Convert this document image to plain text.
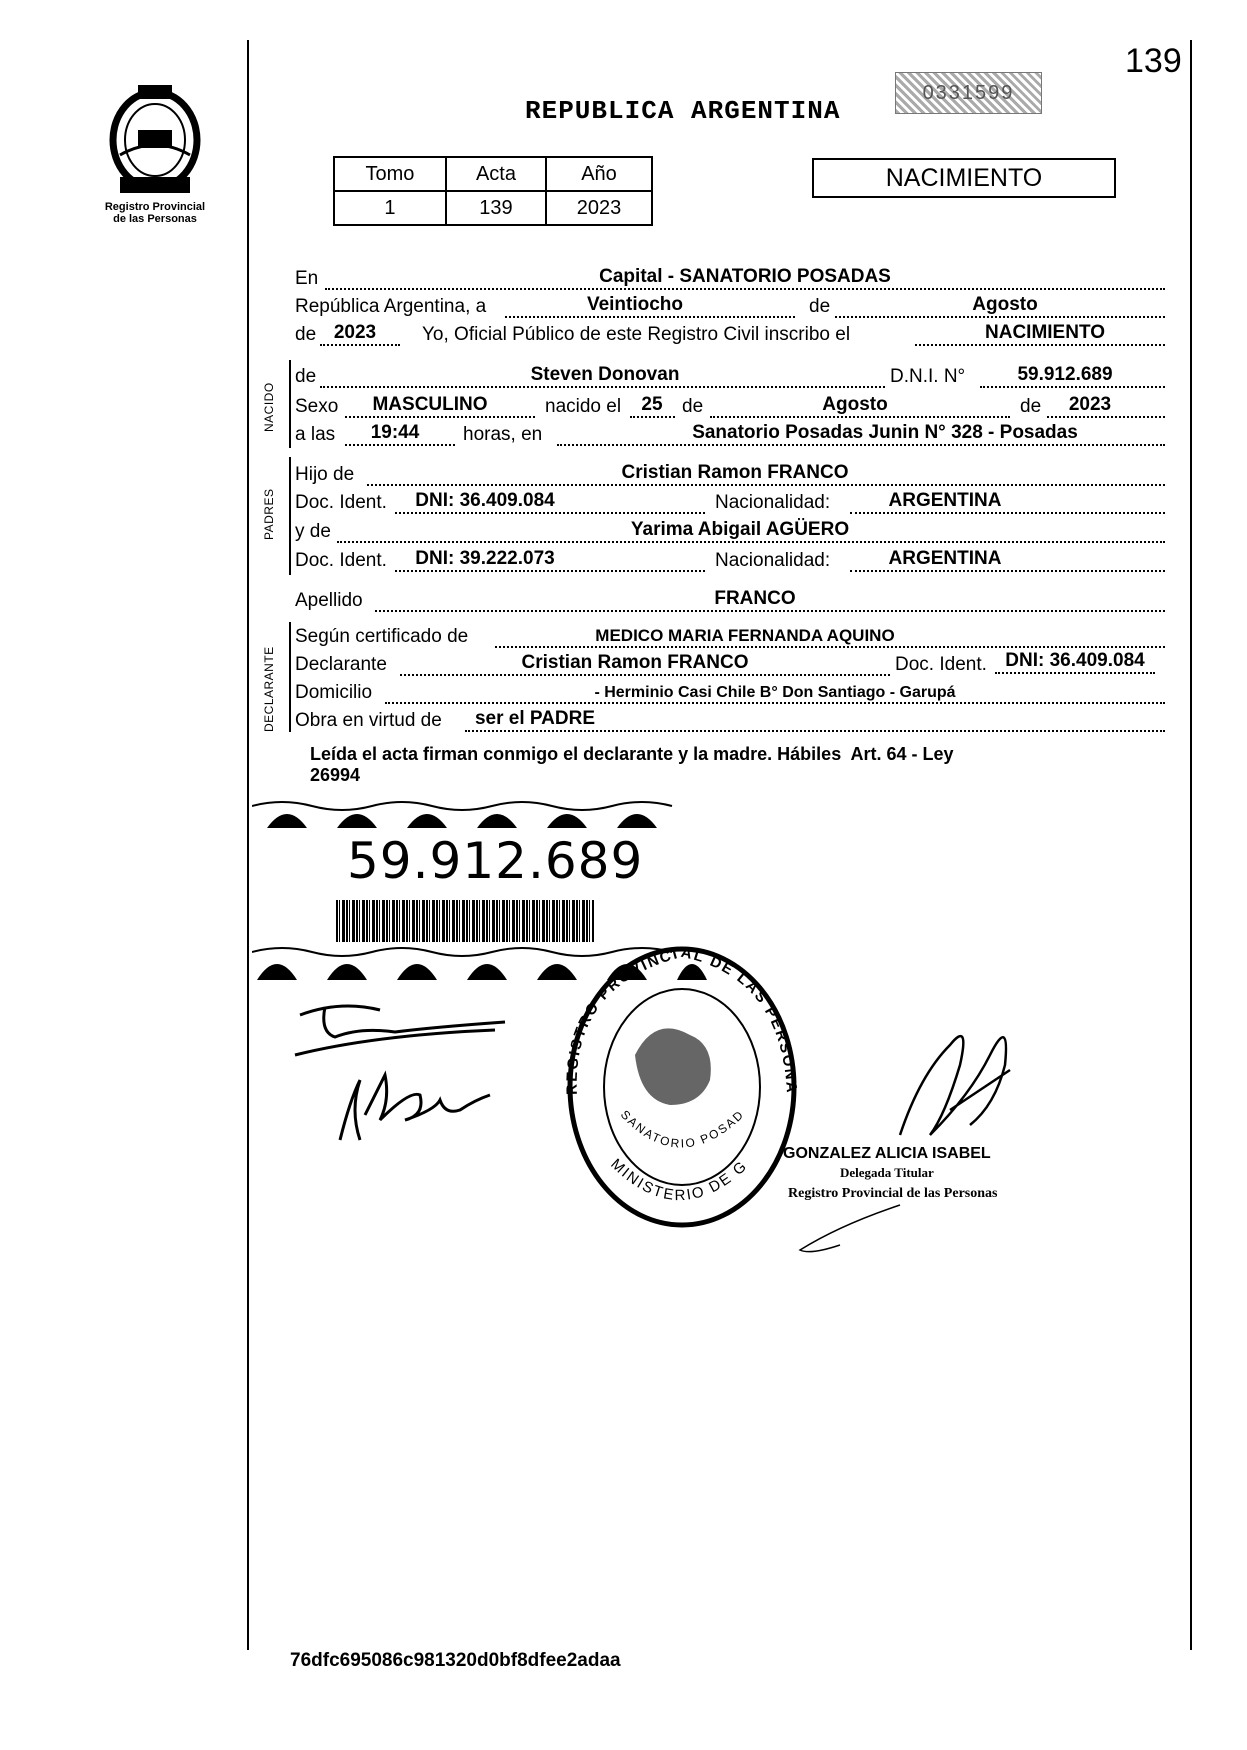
139
Registro Provincial
de las Personas
REPUBLICA ARGENTINA
0331599
Tomo	Acta	Año
1	139	2023
NACIMIENTO
En	Capital - SANATORIO POSADAS
República Argentina, a	Veintiocho	de	Agosto
de 2023	Yo, Oficial Público de este Registro Civil inscribo el	NACIMIENTO
NACIDO
de	Steven Donovan	D.N.I. N°	59.912.689
Sexo	MASCULINO	nacido el 25 de	Agosto	de	2023
a las 19:44	horas, en	Sanatorio Posadas Junin N° 328 - Posadas
PADRES
Hijo de	Cristian Ramon FRANCO
Doc. Ident.	DNI: 36.409.084	Nacionalidad:	ARGENTINA
y de	Yarima Abigail AGÜERO
Doc. Ident.	DNI: 39.222.073	Nacionalidad:	ARGENTINA
Apellido	FRANCO
DECLARANTE
Según certificado de	MEDICO MARIA FERNANDA AQUINO
Declarante	Cristian Ramon FRANCO	Doc. Ident. DNI: 36.409.084
Domicilio	- Herminio Casi Chile B° Don Santiago - Garupá
Obra en virtud de ser el PADRE
Leída el acta firman conmigo el declarante y la madre. Hábiles  Art. 64 - Ley
26994
59.912.689
REGISTRO PROVINCIAL DE LAS PERSONA
MINISTERIO DE G
SANATORIO POSAD
GONZALEZ ALICIA ISABEL
Delegada Titular
Registro Provincial de las Personas
76dfc695086c981320d0bf8dfee2adaa
